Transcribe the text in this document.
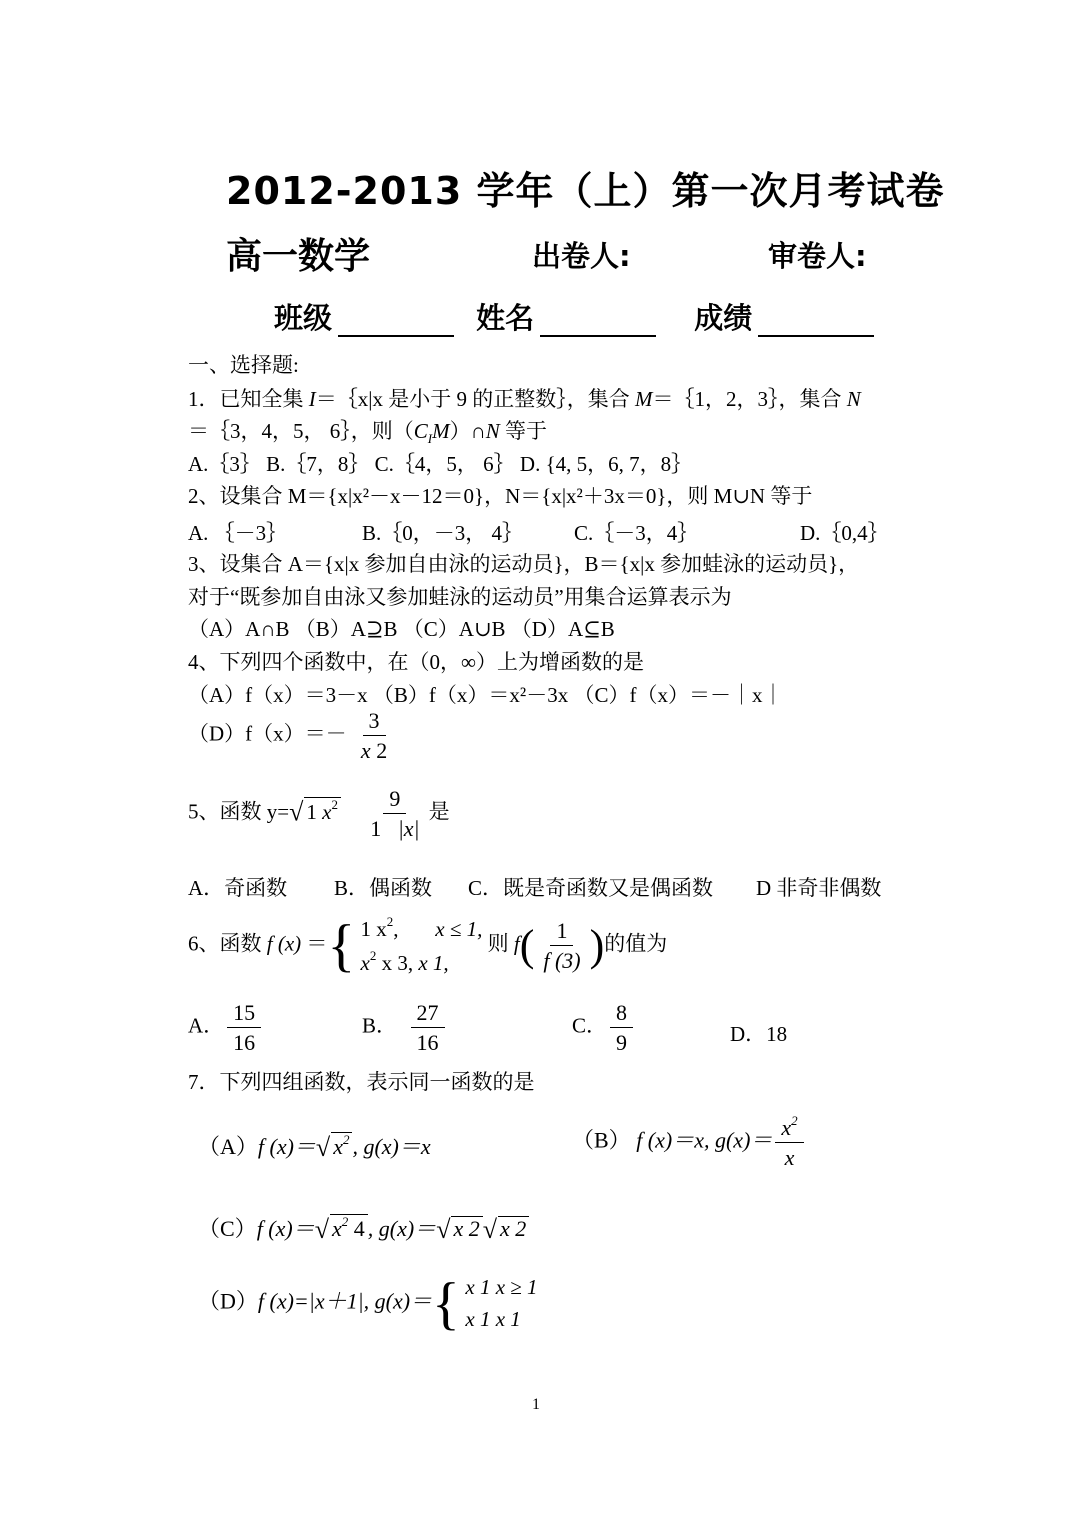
2012-2013 学年（上）第一次月考试卷
高一数学	出卷人:	审卷人:
班级	姓名	成绩
一、选择题:
1．已知全集 I＝｛x|x 是小于 9 的正整数｝，集合 M＝｛1，2，3｝，集合 N
＝｛3，4，5， 6｝，则$(C_IM)\cap N$ 等于
A.｛3｝ B.｛7，8｝ C.｛4，5， 6｝ D. {4, 5，6, 7，8｝
2、设集合 M＝{x|x²－x－12＝0}，N＝{x|x²＋3x＝0}，则 M∪N 等于
A. ｛－3｝	B.｛0，－3， 4｝ C.｛－3，4｝	D.｛0,4｝
3、设集合 A＝{x|x 参加自由泳的运动员}，B＝{x|x 参加蛙泳的运动员}，
对于“既参加自由泳又参加蛙泳的运动员”用集合运算表示为
（A）A∩B （B）A⊇B （C）A∪B （D）A⊆B
4、下列四个函数中，在（0，∞）上为增函数的是
（A）f（x）＝3－x （B）f（x）＝x²－3x （C）f（x）＝－｜x｜
$(D)f(x)=- \frac{3}{x 2}$
5、函数 y=√ 1 $x^2 \frac{9}{1 |x|}$ 是
A．奇函数 B．偶函数 C．既是奇函数又是偶函数 D 非奇非偶数
6、函数 f (x) ＝{ 1 $x^2$,       x ≤ 1,
$x^2$ x 3, x 1,
则 $f( \frac{1}{f (3)}$ )的值为
A． $\frac{15}{16}$	B． $\frac{27}{16}$	C． $\frac{8}{9}$	D．18
7．下列四组函数，表示同一函数的是
（A）f (x)＝√ $x^2$ , g(x)＝x	（B） f (x)＝x, $g(x)= \frac{x^2}{x}$
（C）f (x)＝√ $x^2$ 4 , g(x)＝√ x 2 √ x 2
（D）f (x)=|x＋1|, g(x)＝{ x 1 x ≥ 1
x 1 x 1
1
